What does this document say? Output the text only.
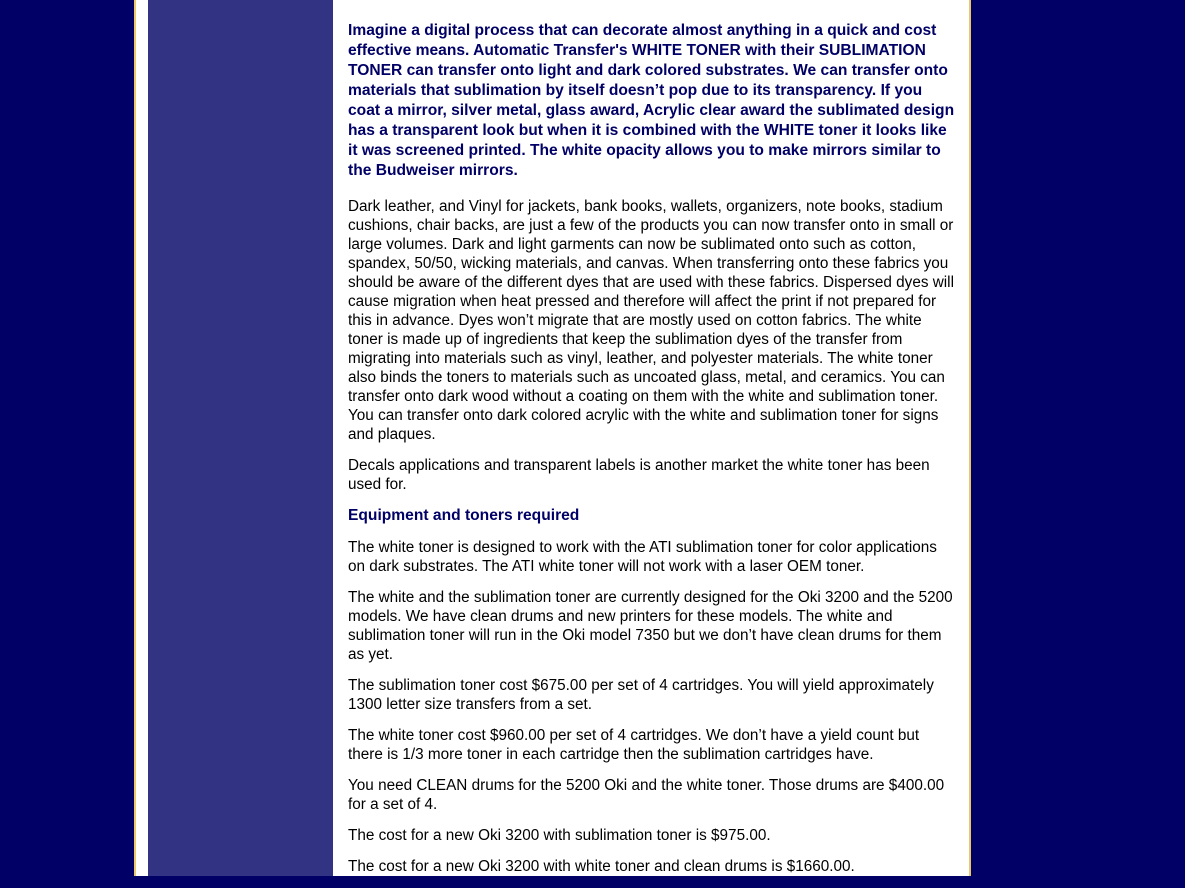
Imagine a digital process that can decorate almost anything in a quick and cost effective means. Automatic Transfer's WHITE TONER with their SUBLIMATION TONER can transfer onto light and dark colored substrates. We can transfer onto materials that sublimation by itself doesn’t pop due to its transparency. If you coat a mirror, silver metal, glass award, Acrylic clear award the sublimated design has a transparent look but when it is combined with the WHITE toner it looks like it was screened printed. The white opacity allows you to make mirrors similar to the Budweiser mirrors.

Dark leather, and Vinyl for jackets, bank books, wallets, organizers, note books, stadium cushions, chair backs, are just a few of the products you can now transfer onto in small or large volumes. Dark and light garments can now be sublimated onto such as cotton, spandex, 50/50, wicking materials, and canvas. When transferring onto these fabrics you should be aware of the different dyes that are used with these fabrics. Dispersed dyes will cause migration when heat pressed and therefore will affect the print if not prepared for this in advance. Dyes won’t migrate that are mostly used on cotton fabrics. The white toner is made up of ingredients that keep the sublimation dyes of the transfer from migrating into materials such as vinyl, leather, and polyester materials. The white toner also binds the toners to materials such as uncoated glass, metal, and ceramics. You can transfer onto dark wood without a coating on them with the white and sublimation toner. You can transfer onto dark colored acrylic with the white and sublimation toner for signs and plaques.

Decals applications and transparent labels is another market the white toner has been used for.

Equipment and toners required

The white toner is designed to work with the ATI sublimation toner for color applications on dark substrates. The ATI white toner will not work with a laser OEM toner.

The white and the sublimation toner are currently designed for the Oki 3200 and the 5200 models. We have clean drums and new printers for these models. The white and sublimation toner will run in the Oki model 7350 but we don’t have clean drums for them as yet.

The sublimation toner cost $675.00 per set of 4 cartridges. You will yield approximately 1300 letter size transfers from a set.

The white toner cost $960.00 per set of 4 cartridges. We don’t have a yield count but there is 1/3 more toner in each cartridge then the sublimation cartridges have.

You need CLEAN drums for the 5200 Oki and the white toner. Those drums are $400.00 for a set of 4.

The cost for a new Oki 3200 with sublimation toner is $975.00.

The cost for a new Oki 3200 with white toner and clean drums is $1660.00.
